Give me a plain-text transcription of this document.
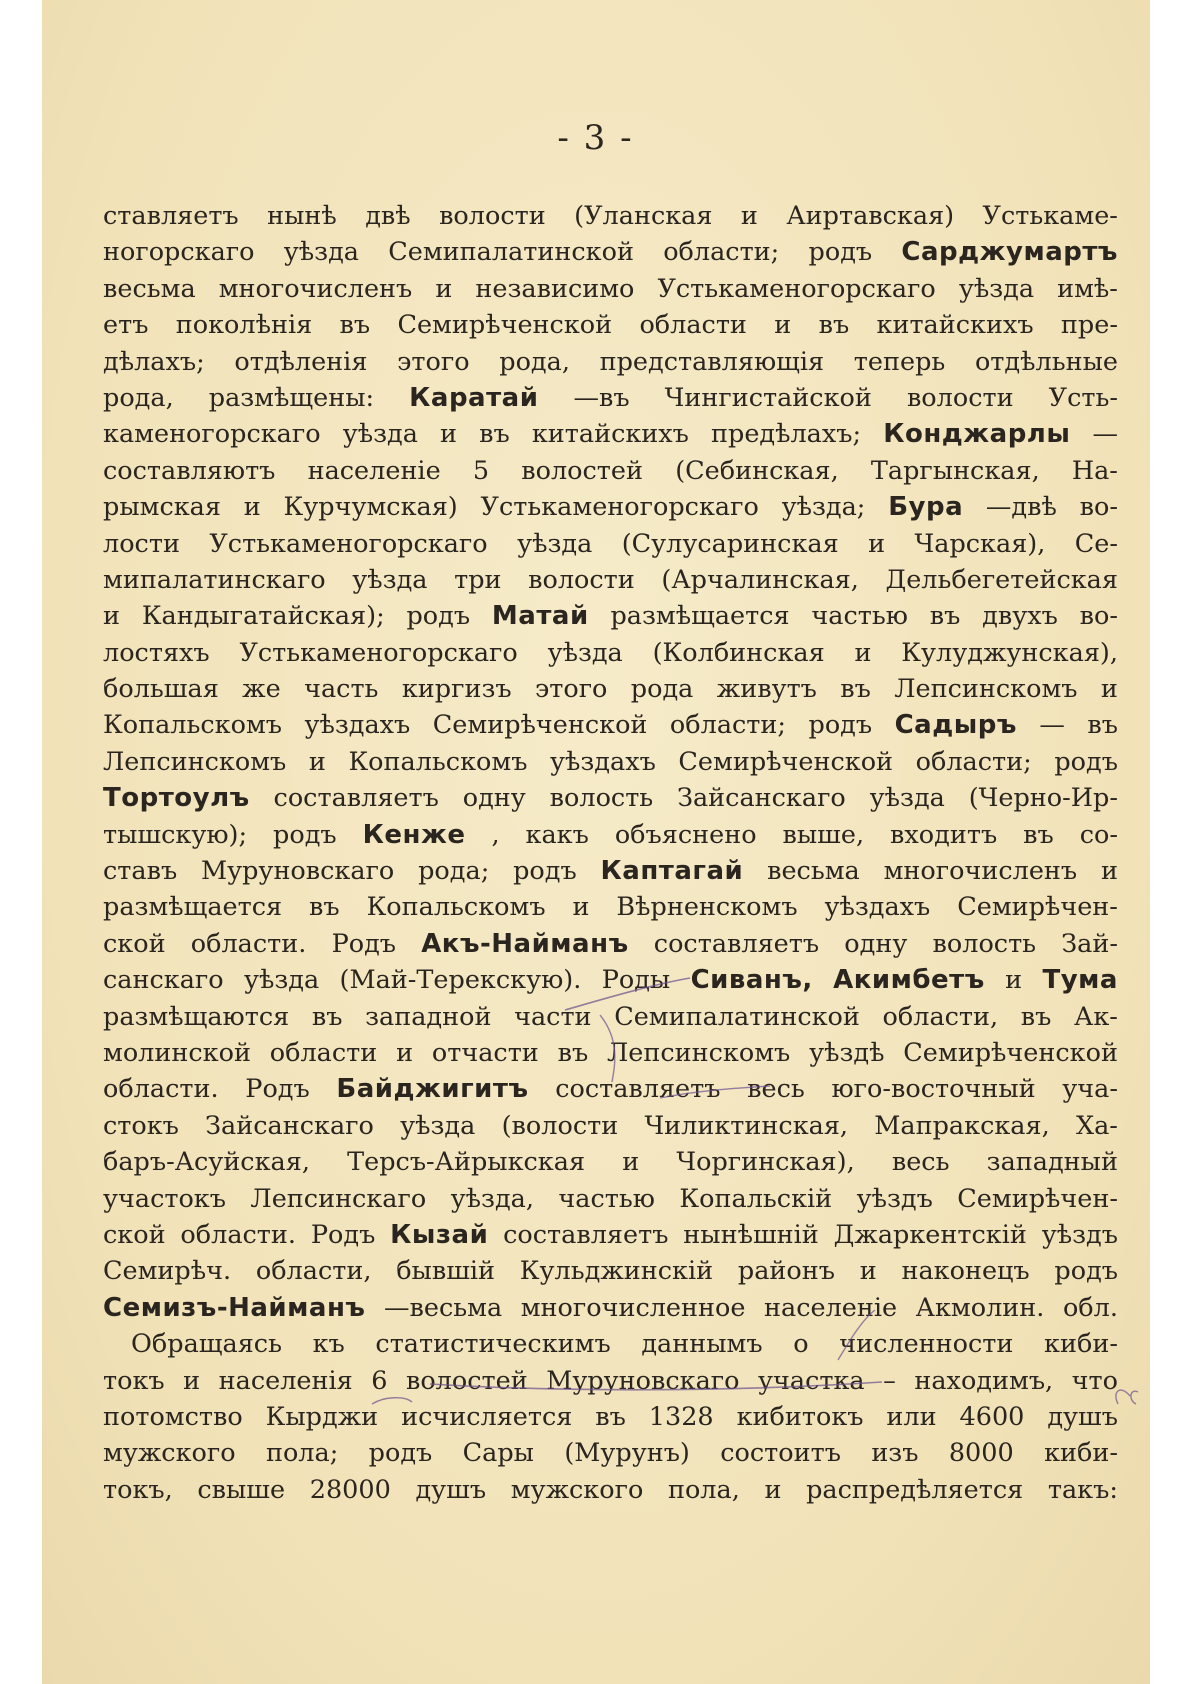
- 3 -
ставляетъ нынѣ двѣ волости (Уланская и Аиртавская) Устькаме-
ногорскаго уѣзда Семипалатинской области; родъ Сарджумартъ
весьма многочисленъ и независимо Устькаменогорскаго уѣзда имѣ-
етъ поколѣнія въ Семирѣченской области и въ китайскихъ пре-
дѣлахъ; отдѣленія этого рода, представляющія теперь отдѣльные
рода, размѣщены: Каратай —въ Чингистайской волости Усть-
каменогорскаго уѣзда и въ китайскихъ предѣлахъ; Конджарлы —
составляютъ населеніе 5 волостей (Себинская, Таргынская, На-
рымская и Курчумская) Устькаменогорскаго уѣзда; Бура —двѣ во-
лости Устькаменогорскаго уѣзда (Сулусаринская и Чарская), Се-
мипалатинскаго уѣзда три волости (Арчалинская, Дельбегетейская
и Кандыгатайская); родъ Матай размѣщается частью въ двухъ во-
лостяхъ Устькаменогорскаго уѣзда (Колбинская и Кулуджунская),
большая же часть киргизъ этого рода живутъ въ Лепсинскомъ и
Копальскомъ уѣздахъ Семирѣченской области; родъ Садыръ — въ
Лепсинскомъ и Копальскомъ уѣздахъ Семирѣченской области; родъ
Тортоулъ составляетъ одну волость Зайсанскаго уѣзда (Черно-Ир-
тышскую); родъ Кенже , какъ объяснено выше, входитъ въ со-
ставъ Муруновскаго рода; родъ Каптагай весьма многочисленъ и
размѣщается въ Копальскомъ и Вѣрненскомъ уѣздахъ Семирѣчен-
ской области. Родъ Акъ-Найманъ составляетъ одну волость Зай-
санскаго уѣзда (Май-Терекскую). Роды Сиванъ, Акимбетъ и Тума
размѣщаются въ западной части Семипалатинской области, въ Ак-
молинской области и отчасти въ Лепсинскомъ уѣздѣ Семирѣченской
области. Родъ Байджигитъ составляетъ весь юго-восточный уча-
стокъ Зайсанскаго уѣзда (волости Чиликтинская, Мапракская, Ха-
баръ-Асуйская, Терсъ-Айрыкская и Чоргинская), весь западный
участокъ Лепсинскаго уѣзда, частью Копальскій уѣздъ Семирѣчен-
ской области. Родъ Кызай составляетъ нынѣшній Джаркентскій уѣздъ
Семирѣч. области, бывшій Кульджинскій районъ и наконецъ родъ
Семизъ-Найманъ —весьма многочисленное населеніе Акмолин. обл.
Обращаясь къ статистическимъ даннымъ о численности киби-
токъ и населенія 6 волостей Муруновскаго участка – находимъ, что
потомство Кырджи исчисляется въ 1328 кибитокъ или 4600 душъ
мужского пола; родъ Сары (Мурунъ) состоитъ изъ 8000 киби-
токъ, свыше 28000 душъ мужского пола, и распредѣляется такъ:
